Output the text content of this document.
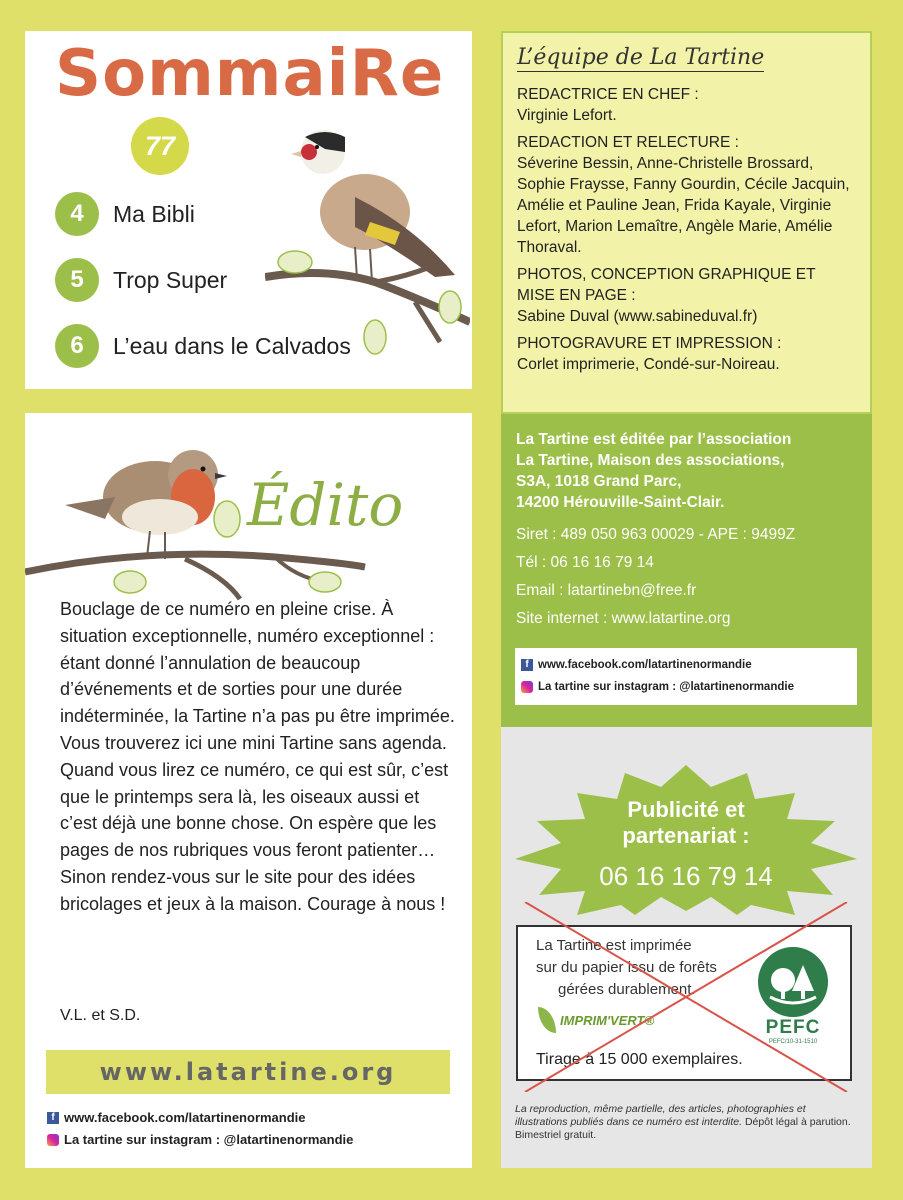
SommaiRe
77
4	Ma Bibli
5	Trop Super
6	L’eau dans le Calvados
L’équipe de La Tartine
REDACTRICE EN CHEF :
Virginie Lefort.
REDACTION ET RELECTURE :
Séverine Bessin, Anne-Christelle Brossard, Sophie Fraysse, Fanny Gourdin, Cécile Jacquin, Amélie et Pauline Jean, Frida Kayale, Virginie Lefort, Marion Lemaître, Angèle Marie, Amélie Thoraval.
PHOTOS, CONCEPTION GRAPHIQUE ET MISE EN PAGE :
Sabine Duval (www.sabineduval.fr)
PHOTOGRAVURE ET IMPRESSION :
Corlet imprimerie, Condé-sur-Noireau.
La Tartine est éditée par l’association
La Tartine, Maison des associations,
S3A, 1018 Grand Parc,
14200 Hérouville-Saint-Clair.
Siret : 489 050 963 00029 - APE : 9499Z
Tél : 06 16 16 79 14
Email : latartinebn@free.fr
Site internet : www.latartine.org
f www.facebook.com/latartinenormandie
La tartine sur instagram : @latartinenormandie
Publicité et
partenariat :
06 16 16 79 14
La Tartine est imprimée
sur du papier issu de forêts
gérées durablement.
IMPRIM'VERT®	PEFC
PEFC/10-31-1510
Tirage à 15 000 exemplaires.
La reproduction, même partielle, des articles, photographies et illustrations publiés dans ce numéro est interdite. Dépôt légal à parution. Bimestriel gratuit.
Édito
Bouclage de ce numéro en pleine crise. À situation exceptionnelle, numéro exceptionnel : étant donné l’annulation de beaucoup d’événements et de sorties pour une durée indéterminée, la Tartine n’a pas pu être imprimée. Vous trouverez ici une mini Tartine sans agenda. Quand vous lirez ce numéro, ce qui est sûr, c’est que le printemps sera là, les oiseaux aussi et c’est déjà une bonne chose. On espère que les pages de nos rubriques vous feront patienter… Sinon rendez-vous sur le site pour des idées bricolages et jeux à la maison. Courage à nous !
V.L. et S.D.
www.latartine.org
f www.facebook.com/latartinenormandie
La tartine sur instagram : @latartinenormandie
